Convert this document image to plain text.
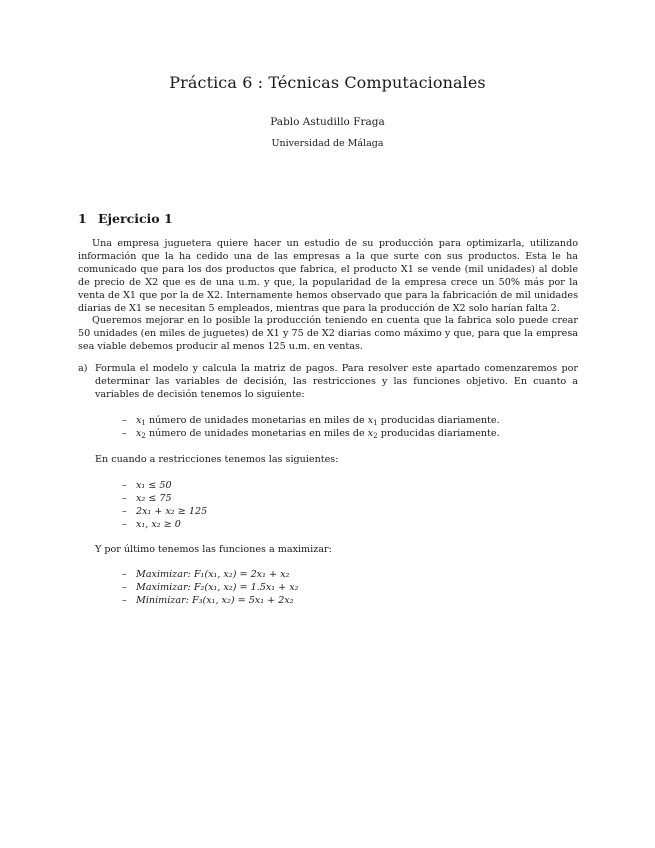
Práctica 6 : Técnicas Computacionales
Pablo Astudillo Fraga
Universidad de Málaga
1 Ejercicio 1

Una empresa juguetera quiere hacer un estudio de su producción para optimizarla, utilizando información que la ha cedido una de las empresas a la que surte con sus productos. Esta le ha comunicado que para los dos productos que fabrica, el producto X1 se vende (mil unidades) al doble de precio de X2 que es de una u.m. y que, la popularidad de la empresa crece un 50% más por la venta de X1 que por la de X2. Internamente hemos observado que para la fabricación de mil unidades diarias de X1 se necesitan 5 empleados, mientras que para la producción de X2 solo harían falta 2.

Queremos mejorar en lo posible la producción teniendo en cuenta que la fabrica solo puede crear 50 unidades (en miles de juguetes) de X1 y 75 de X2 diarias como máximo y que, para que la empresa sea viable debemos producir al menos 125 u.m. en ventas.

a) Formula el modelo y calcula la matriz de pagos. Para resolver este apartado comenzaremos por determinar las variables de decisión, las restricciones y las funciones objetivo. En cuanto a variables de decisión tenemos lo siguiente:
– $x_1$ número de unidades monetarias en miles de $x_1$ producidas diariamente.
– $x_2$ número de unidades monetarias en miles de $x_2$ producidas diariamente.
En cuando a restricciones tenemos las siguientes:
– x₁ ≤ 50
– x₂ ≤ 75
– 2x₁ + x₂ ≥ 125
– x₁, x₂ ≥ 0
Y por último tenemos las funciones a maximizar:
– Maximizar: F₁(x₁, x₂) = 2x₁ + x₂
– Maximizar: F₂(x₁, x₂) = 1.5x₁ + x₂
– Minimizar: F₃(x₁, x₂) = 5x₁ + 2x₂
